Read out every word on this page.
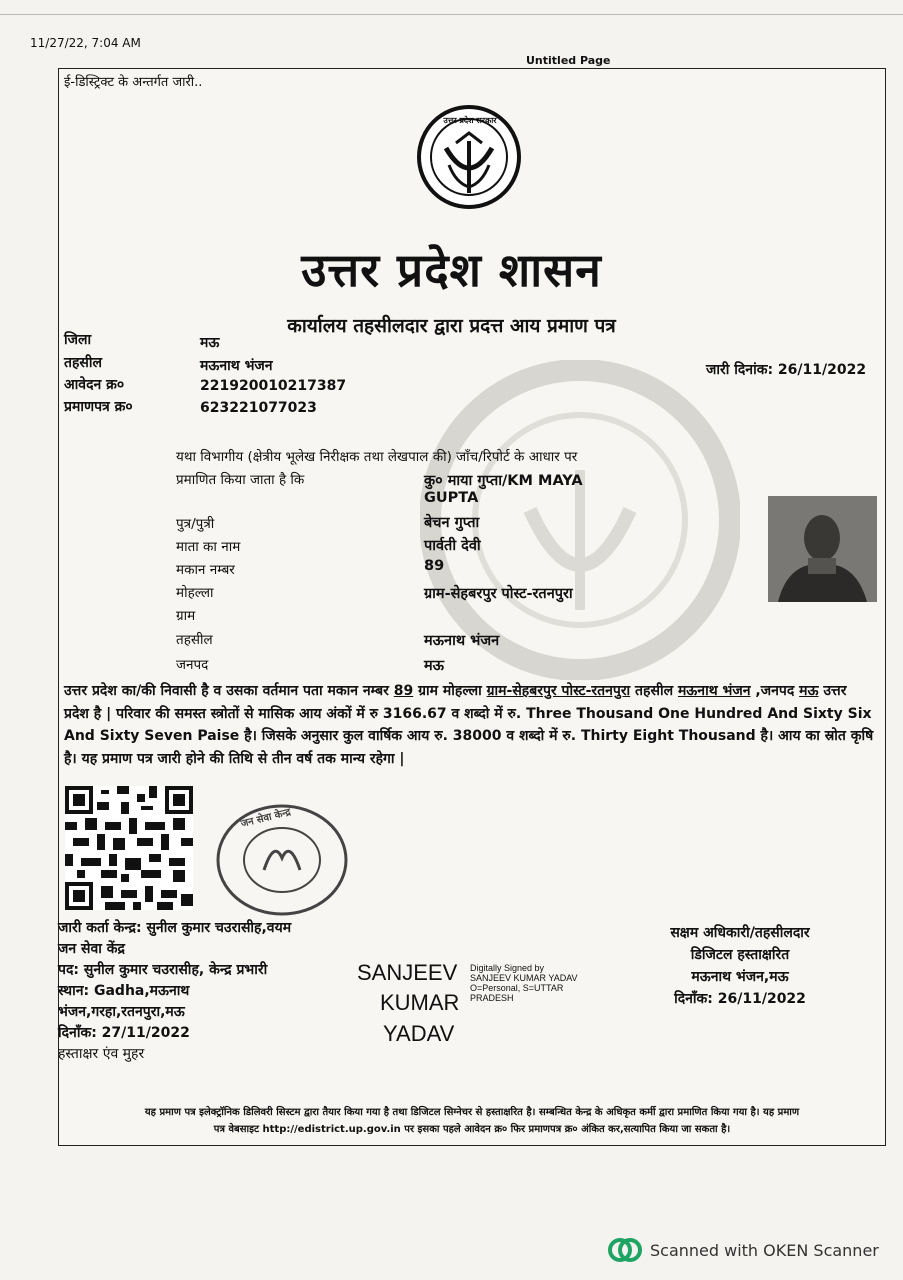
11/27/22, 7:04 AM
Untitled Page
ई-डिस्ट्रिक्ट के अन्तर्गत जारी..
उत्तर प्रदेश सरकार
उत्तर प्रदेश शासन
कार्यालय तहसीलदार द्वारा प्रदत्त आय प्रमाण पत्र
जिला	मऊ
तहसील	मऊनाथ भंजन
आवेदन क्र०	221920010217387
प्रमाणपत्र क्र०	623221077023
जारी दिनांक: 26/11/2022
यथा विभागीय (क्षेत्रीय भूलेख निरीक्षक तथा लेखपाल की) जाँच/रिपोर्ट के आधार पर
प्रमाणित किया जाता है कि	कु० माया गुप्ता/KM MAYA
GUPTA
पुत्र/पुत्री	बेचन गुप्ता
माता का नाम	पार्वती देवी
मकान नम्बर	89
मोहल्ला	ग्राम-सेहबरपुर पोस्ट-रतनपुरा
ग्राम
तहसील	मऊनाथ भंजन
जनपद	मऊ
उत्तर प्रदेश का/की निवासी है व उसका वर्तमान पता मकान नम्बर 89 ग्राम मोहल्ला ग्राम-सेहबरपुर पोस्ट-रतनपुरा तहसील मऊनाथ भंजन ,जनपद मऊ उत्तर प्रदेश है | परिवार की समस्त स्त्रोतों से मासिक आय अंकों में रु 3166.67 व शब्दो में रु. Three Thousand One Hundred And Sixty Six And Sixty Seven Paise है। जिसके अनुसार कुल वार्षिक आय रु. 38000 व शब्दो में रु. Thirty Eight Thousand है। आय का स्रोत कृषि है। यह प्रमाण पत्र जारी होने की तिथि से तीन वर्ष तक मान्य रहेगा |
जन सेवा केन्द्र
जारी कर्ता केन्द्र: सुनील कुमार चउरासीह,वयम
जन सेवा केंद्र
पद: सुनील कुमार चउरासीह, केन्द्र प्रभारी
स्थान: Gadha,मऊनाथ
भंजन,गरहा,रतनपुरा,मऊ
दिनाँक: 27/11/2022
हस्ताक्षर एंव मुहर
SANJEEV
KUMAR
YADAV
Digitally Signed by
SANJEEV KUMAR YADAV
O=Personal, S=UTTAR
PRADESH
सक्षम अधिकारी/तहसीलदार
डिजिटल हस्ताक्षरित
मऊनाथ भंजन,मऊ
दिनाँक: 26/11/2022
यह प्रमाण पत्र इलेक्ट्रॉनिक डिलिवरी सिस्टम द्वारा तैयार किया गया है तथा डिजिटल सिग्नेचर से हस्ताक्षरित है। सम्बन्धित केन्द्र के अधिकृत कर्मी द्वारा प्रमाणित किया गया है। यह प्रमाण
पत्र वेबसाइट http://edistrict.up.gov.in पर इसका पहले आवेदन क्र० फिर प्रमाणपत्र क्र० अंकित कर,सत्यापित किया जा सकता है।
Scanned with OKEN Scanner
